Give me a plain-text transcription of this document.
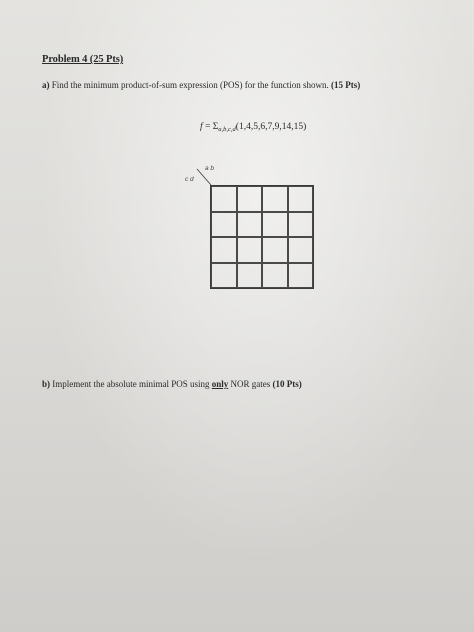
Problem 4 (25 Pts)
a) Find the minimum product-of-sum expression (POS) for the function shown. (15 Pts)
$f = \Sigma_{a,b,c,d}(1,4,5,6,7,9,14,15)$
a b
c d
b) Implement the absolute minimal POS using only NOR gates (10 Pts)
